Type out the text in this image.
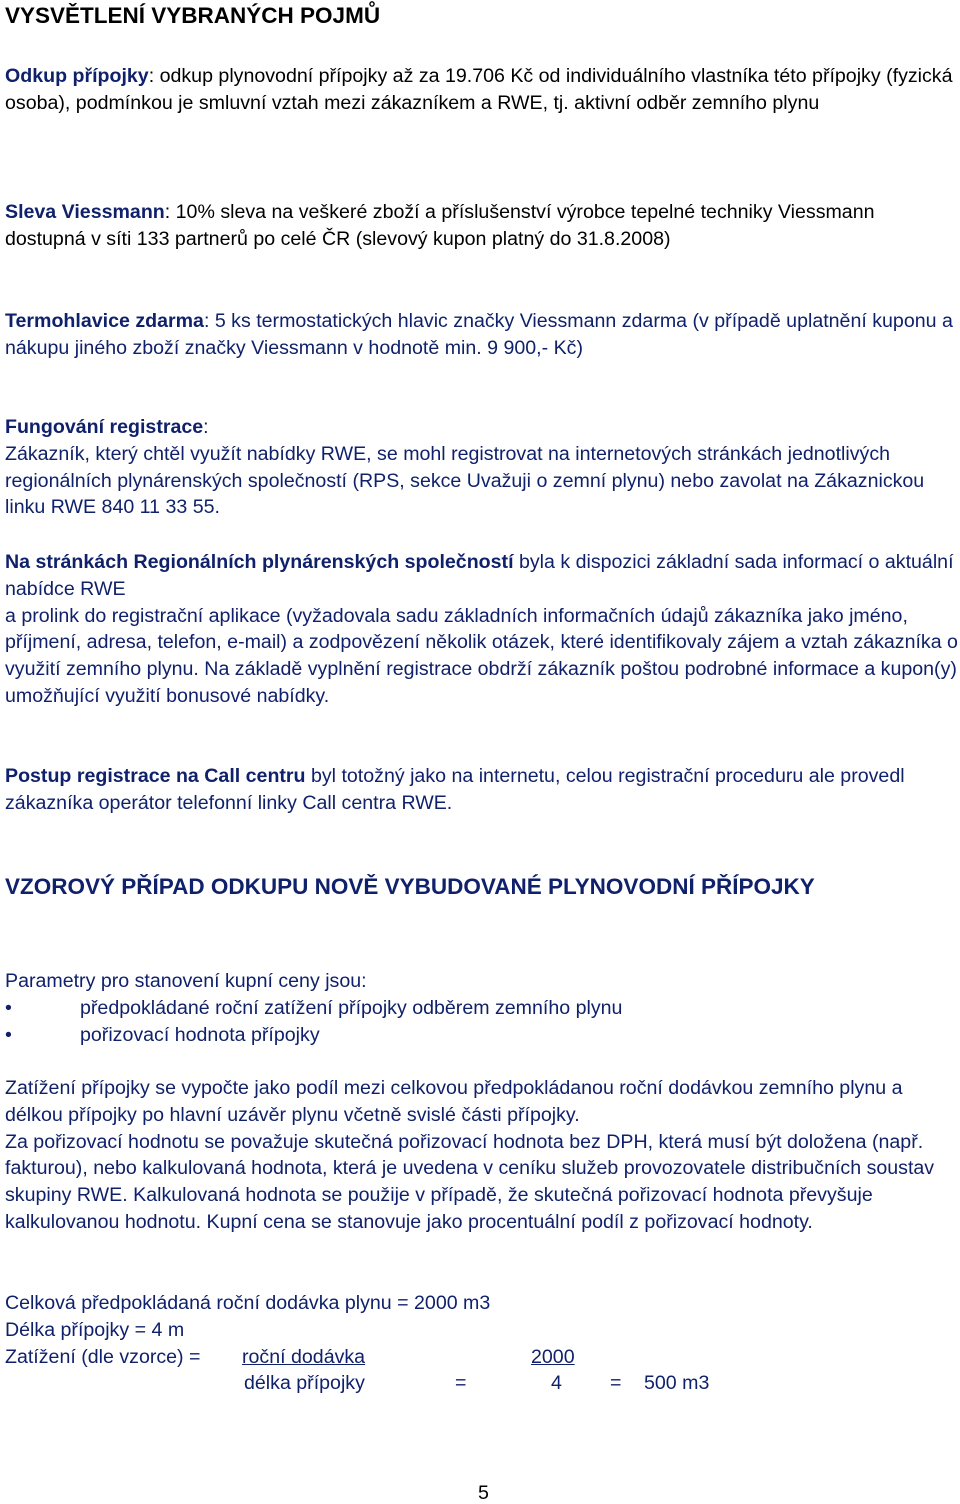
VYSVĚTLENÍ VYBRANÝCH POJMŮ

Odkup přípojky: odkup plynovodní přípojky až za 19.706 Kč od individuálního vlastníka této přípojky (fyzická osoba), podmínkou je smluvní vztah mezi zákazníkem a RWE, tj. aktivní odběr zemního plynu

Sleva Viessmann: 10% sleva na veškeré zboží a příslušenství výrobce tepelné techniky Viessmann dostupná v síti 133 partnerů po celé ČR (slevový kupon platný do 31.8.2008)

Termohlavice zdarma: 5 ks termostatických hlavic značky Viessmann zdarma (v případě uplatnění kuponu a nákupu jiného zboží značky Viessmann v hodnotě min. 9 900,- Kč)

Fungování registrace:

Zákazník, který chtěl využít nabídky RWE, se mohl registrovat na internetových stránkách jednotlivých regionálních plynárenských společností (RPS, sekce Uvažuji o zemní plynu) nebo zavolat na Zákaznickou linku RWE 840 11 33 55.

Na stránkách Regionálních plynárenských společností byla k dispozici základní sada informací o aktuální nabídce RWE

a prolink do registrační aplikace (vyžadovala sadu základních informačních údajů zákazníka jako jméno, příjmení, adresa, telefon, e-mail) a zodpovězení několik otázek, které identifikovaly zájem a vztah zákazníka o využití zemního plynu. Na základě vyplnění registrace obdrží zákazník poštou podrobné informace a kupon(y) umožňující využití bonusové nabídky.

Postup registrace na Call centru byl totožný jako na internetu, celou registrační proceduru ale provedl zákazníka operátor telefonní linky Call centra RWE.

VZOROVÝ PŘÍPAD ODKUPU NOVĚ VYBUDOVANÉ PLYNOVODNÍ PŘÍPOJKY

Parametry pro stanovení kupní ceny jsou:

•	předpokládané roční zatížení přípojky odběrem zemního plynu
•	pořizovací hodnota přípojky

Zatížení přípojky se vypočte jako podíl mezi celkovou předpokládanou roční dodávkou zemního plynu a délkou přípojky po hlavní uzávěr plynu včetně svislé části přípojky.

Za pořizovací hodnotu se považuje skutečná pořizovací hodnota bez DPH, která musí být doložena (např. fakturou), nebo kalkulovaná hodnota, která je uvedena v ceníku služeb provozovatele distribučních soustav skupiny RWE. Kalkulovaná hodnota se použije v případě, že skutečná pořizovací hodnota převyšuje kalkulovanou hodnotu. Kupní cena se stanovuje jako procentuální podíl z pořizovací hodnoty.

Celková předpokládaná roční dodávka plynu = 2000 m3
Délka přípojky = 4 m
Zatížení (dle vzorce) = roční dodávka	2000
délka přípojky	=	4 = 500 m3
5
